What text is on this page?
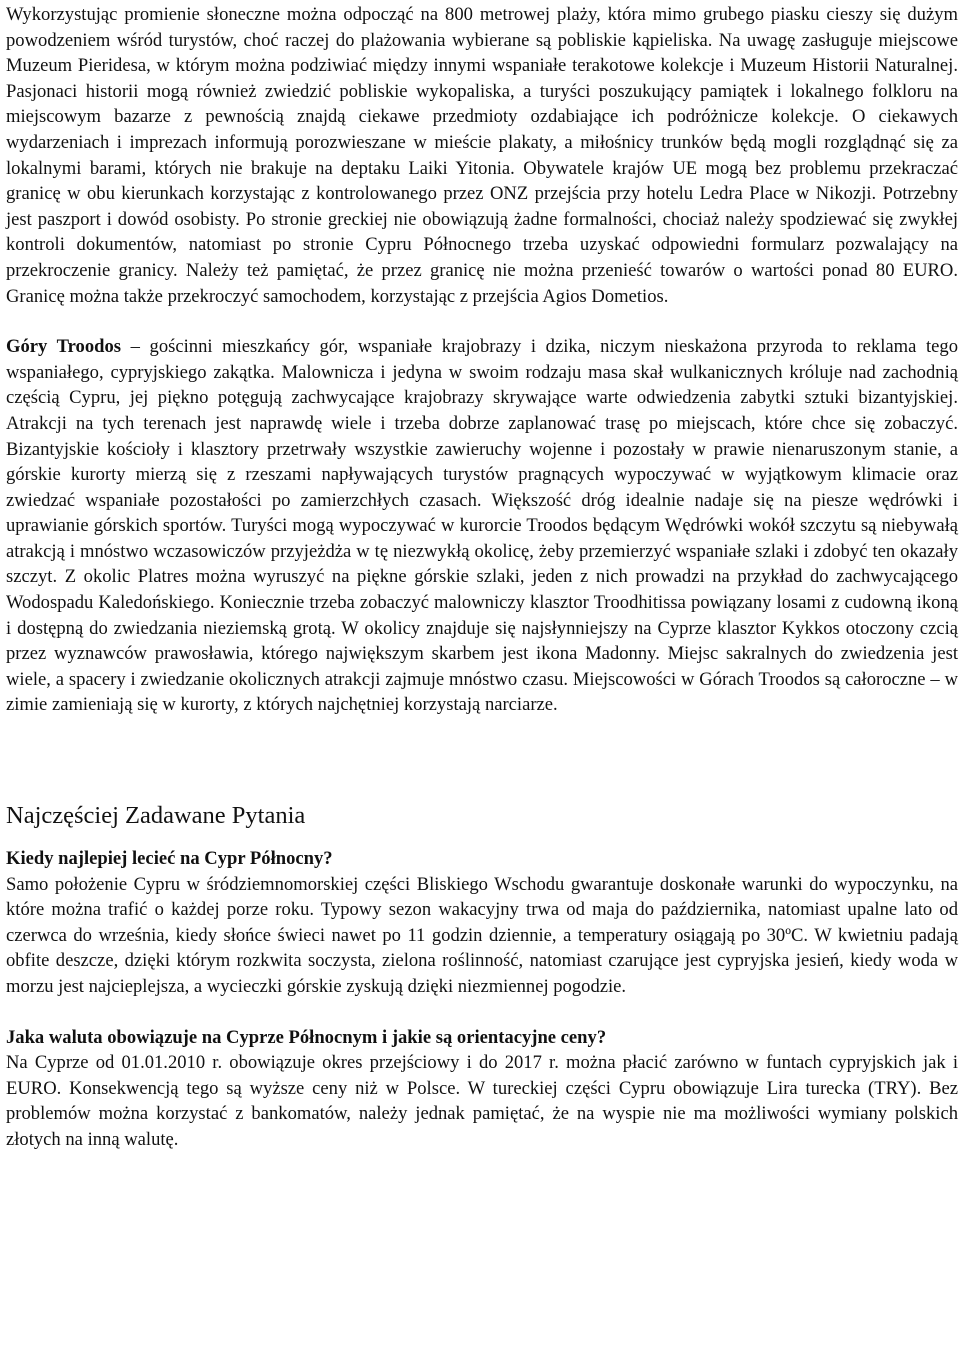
Wykorzystując promienie słoneczne można odpocząć na 800 metrowej plaży, która mimo grubego piasku cieszy się dużym powodzeniem wśród turystów, choć raczej do plażowania wybierane są pobliskie kąpieliska. Na uwagę zasługuje miejscowe Muzeum Pieridesa, w którym można podziwiać między innymi wspaniałe terakotowe kolekcje i Muzeum Historii Naturalnej. Pasjonaci historii mogą również zwiedzić pobliskie wykopaliska, a turyści poszukujący pamiątek i lokalnego folkloru na miejscowym bazarze z pewnością znajdą ciekawe przedmioty ozdabiające ich podróżnicze kolekcje. O ciekawych wydarzeniach i imprezach informują porozwieszane w mieście plakaty, a miłośnicy trunków będą mogli rozglądnąć się za lokalnymi barami, których nie brakuje na deptaku Laiki Yitonia. Obywatele krajów UE mogą bez problemu przekraczać granicę w obu kierunkach korzystając z kontrolowanego przez ONZ przejścia przy hotelu Ledra Place w Nikozji. Potrzebny jest paszport i dowód osobisty. Po stronie greckiej nie obowiązują żadne formalności, chociaż należy spodziewać się zwykłej kontroli dokumentów, natomiast po stronie Cypru Północnego trzeba uzyskać odpowiedni formularz pozwalający na przekroczenie granicy. Należy też pamiętać, że przez granicę nie można przenieść towarów o wartości ponad 80 EURO. Granicę można także przekroczyć samochodem, korzystając z przejścia Agios Dometios.

Góry Troodos – gościnni mieszkańcy gór, wspaniałe krajobrazy i dzika, niczym nieskażona przyroda to reklama tego wspaniałego, cypryjskiego zakątka. Malownicza i jedyna w swoim rodzaju masa skał wulkanicznych króluje nad zachodnią częścią Cypru, jej piękno potęgują zachwycające krajobrazy skrywające warte odwiedzenia zabytki sztuki bizantyjskiej. Atrakcji na tych terenach jest naprawdę wiele i trzeba dobrze zaplanować trasę po miejscach, które chce się zobaczyć. Bizantyjskie kościoły i klasztory przetrwały wszystkie zawieruchy wojenne i pozostały w prawie nienaruszonym stanie, a górskie kurorty mierzą się z rzeszami napływających turystów pragnących wypoczywać w wyjątkowym klimacie oraz zwiedzać wspaniałe pozostałości po zamierzchłych czasach. Większość dróg idealnie nadaje się na piesze wędrówki i uprawianie górskich sportów. Turyści mogą wypoczywać w kurorcie Troodos będącym Wędrówki wokół szczytu są niebywałą atrakcją i mnóstwo wczasowiczów przyjeżdża w tę niezwykłą okolicę, żeby przemierzyć wspaniałe szlaki i zdobyć ten okazały szczyt. Z okolic Platres można wyruszyć na piękne górskie szlaki, jeden z nich prowadzi na przykład do zachwycającego Wodospadu Kaledońskiego. Koniecznie trzeba zobaczyć malowniczy klasztor Troodhitissa powiązany losami z cudowną ikoną i dostępną do zwiedzania nieziemską grotą. W okolicy znajduje się najsłynniejszy na Cyprze klasztor Kykkos otoczony czcią przez wyznawców prawosławia, którego największym skarbem jest ikona Madonny. Miejsc sakralnych do zwiedzenia jest wiele, a spacery i zwiedzanie okolicznych atrakcji zajmuje mnóstwo czasu. Miejscowości w Górach Troodos są całoroczne – w zimie zamieniają się w kurorty, z których najchętniej korzystają narciarze.

Najczęściej Zadawane Pytania
Kiedy najlepiej lecieć na Cypr Północny?

Samo położenie Cypru w śródziemnomorskiej części Bliskiego Wschodu gwarantuje doskonałe warunki do wypoczynku, na które można trafić o każdej porze roku. Typowy sezon wakacyjny trwa od maja do października, natomiast upalne lato od czerwca do września, kiedy słońce świeci nawet po 11 godzin dziennie, a temperatury osiągają po 30ºC. W kwietniu padają obfite deszcze, dzięki którym rozkwita soczysta, zielona roślinność, natomiast czarujące jest cypryjska jesień, kiedy woda w morzu jest najcieplejsza, a wycieczki górskie zyskują dzięki niezmiennej pogodzie.

Jaka waluta obowiązuje na Cyprze Północnym i jakie są orientacyjne ceny?

Na Cyprze od 01.01.2010 r. obowiązuje okres przejściowy i do 2017 r. można płacić zarówno w funtach cypryjskich jak i EURO. Konsekwencją tego są wyższe ceny niż w Polsce. W tureckiej części Cypru obowiązuje Lira turecka (TRY). Bez problemów można korzystać z bankomatów, należy jednak pamiętać, że na wyspie nie ma możliwości wymiany polskich złotych na inną walutę.
